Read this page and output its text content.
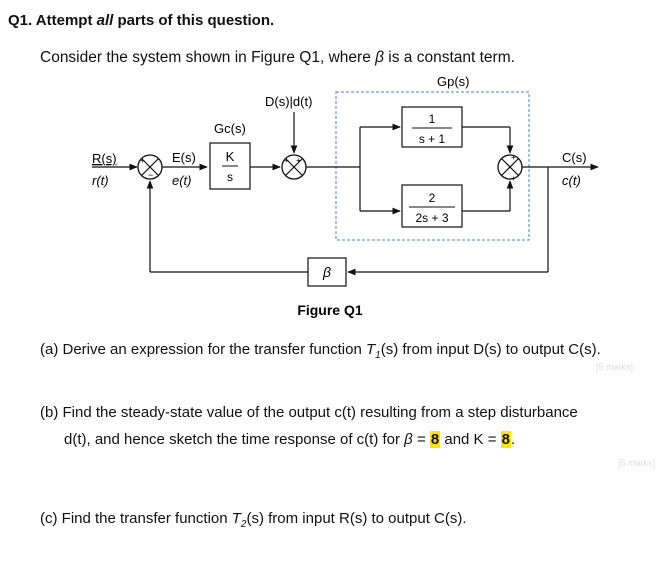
Q1. Attempt all parts of this question.
Consider the system shown in Figure Q1, where β is a constant term.
R(s)
r(t)
+
−
E(s)
e(t)
Gc(s)
K
s
D(s)|d(t)
+ +
Gp(s)
1
s + 1
2
2s + 3
+
+
C(s)
c(t)
β
Figure Q1
(a) Derive an expression for the transfer function $T_1(s)$ from input D(s) to output C(s).
[5 marks]
(b) Find the steady-state value of the output c(t) resulting from a step disturbance
d(t), and hence sketch the time response of c(t) for β = 8 and K = 8.
[5 marks]
(c) Find the transfer function $T_2(s)$ from input R(s) to output C(s).
